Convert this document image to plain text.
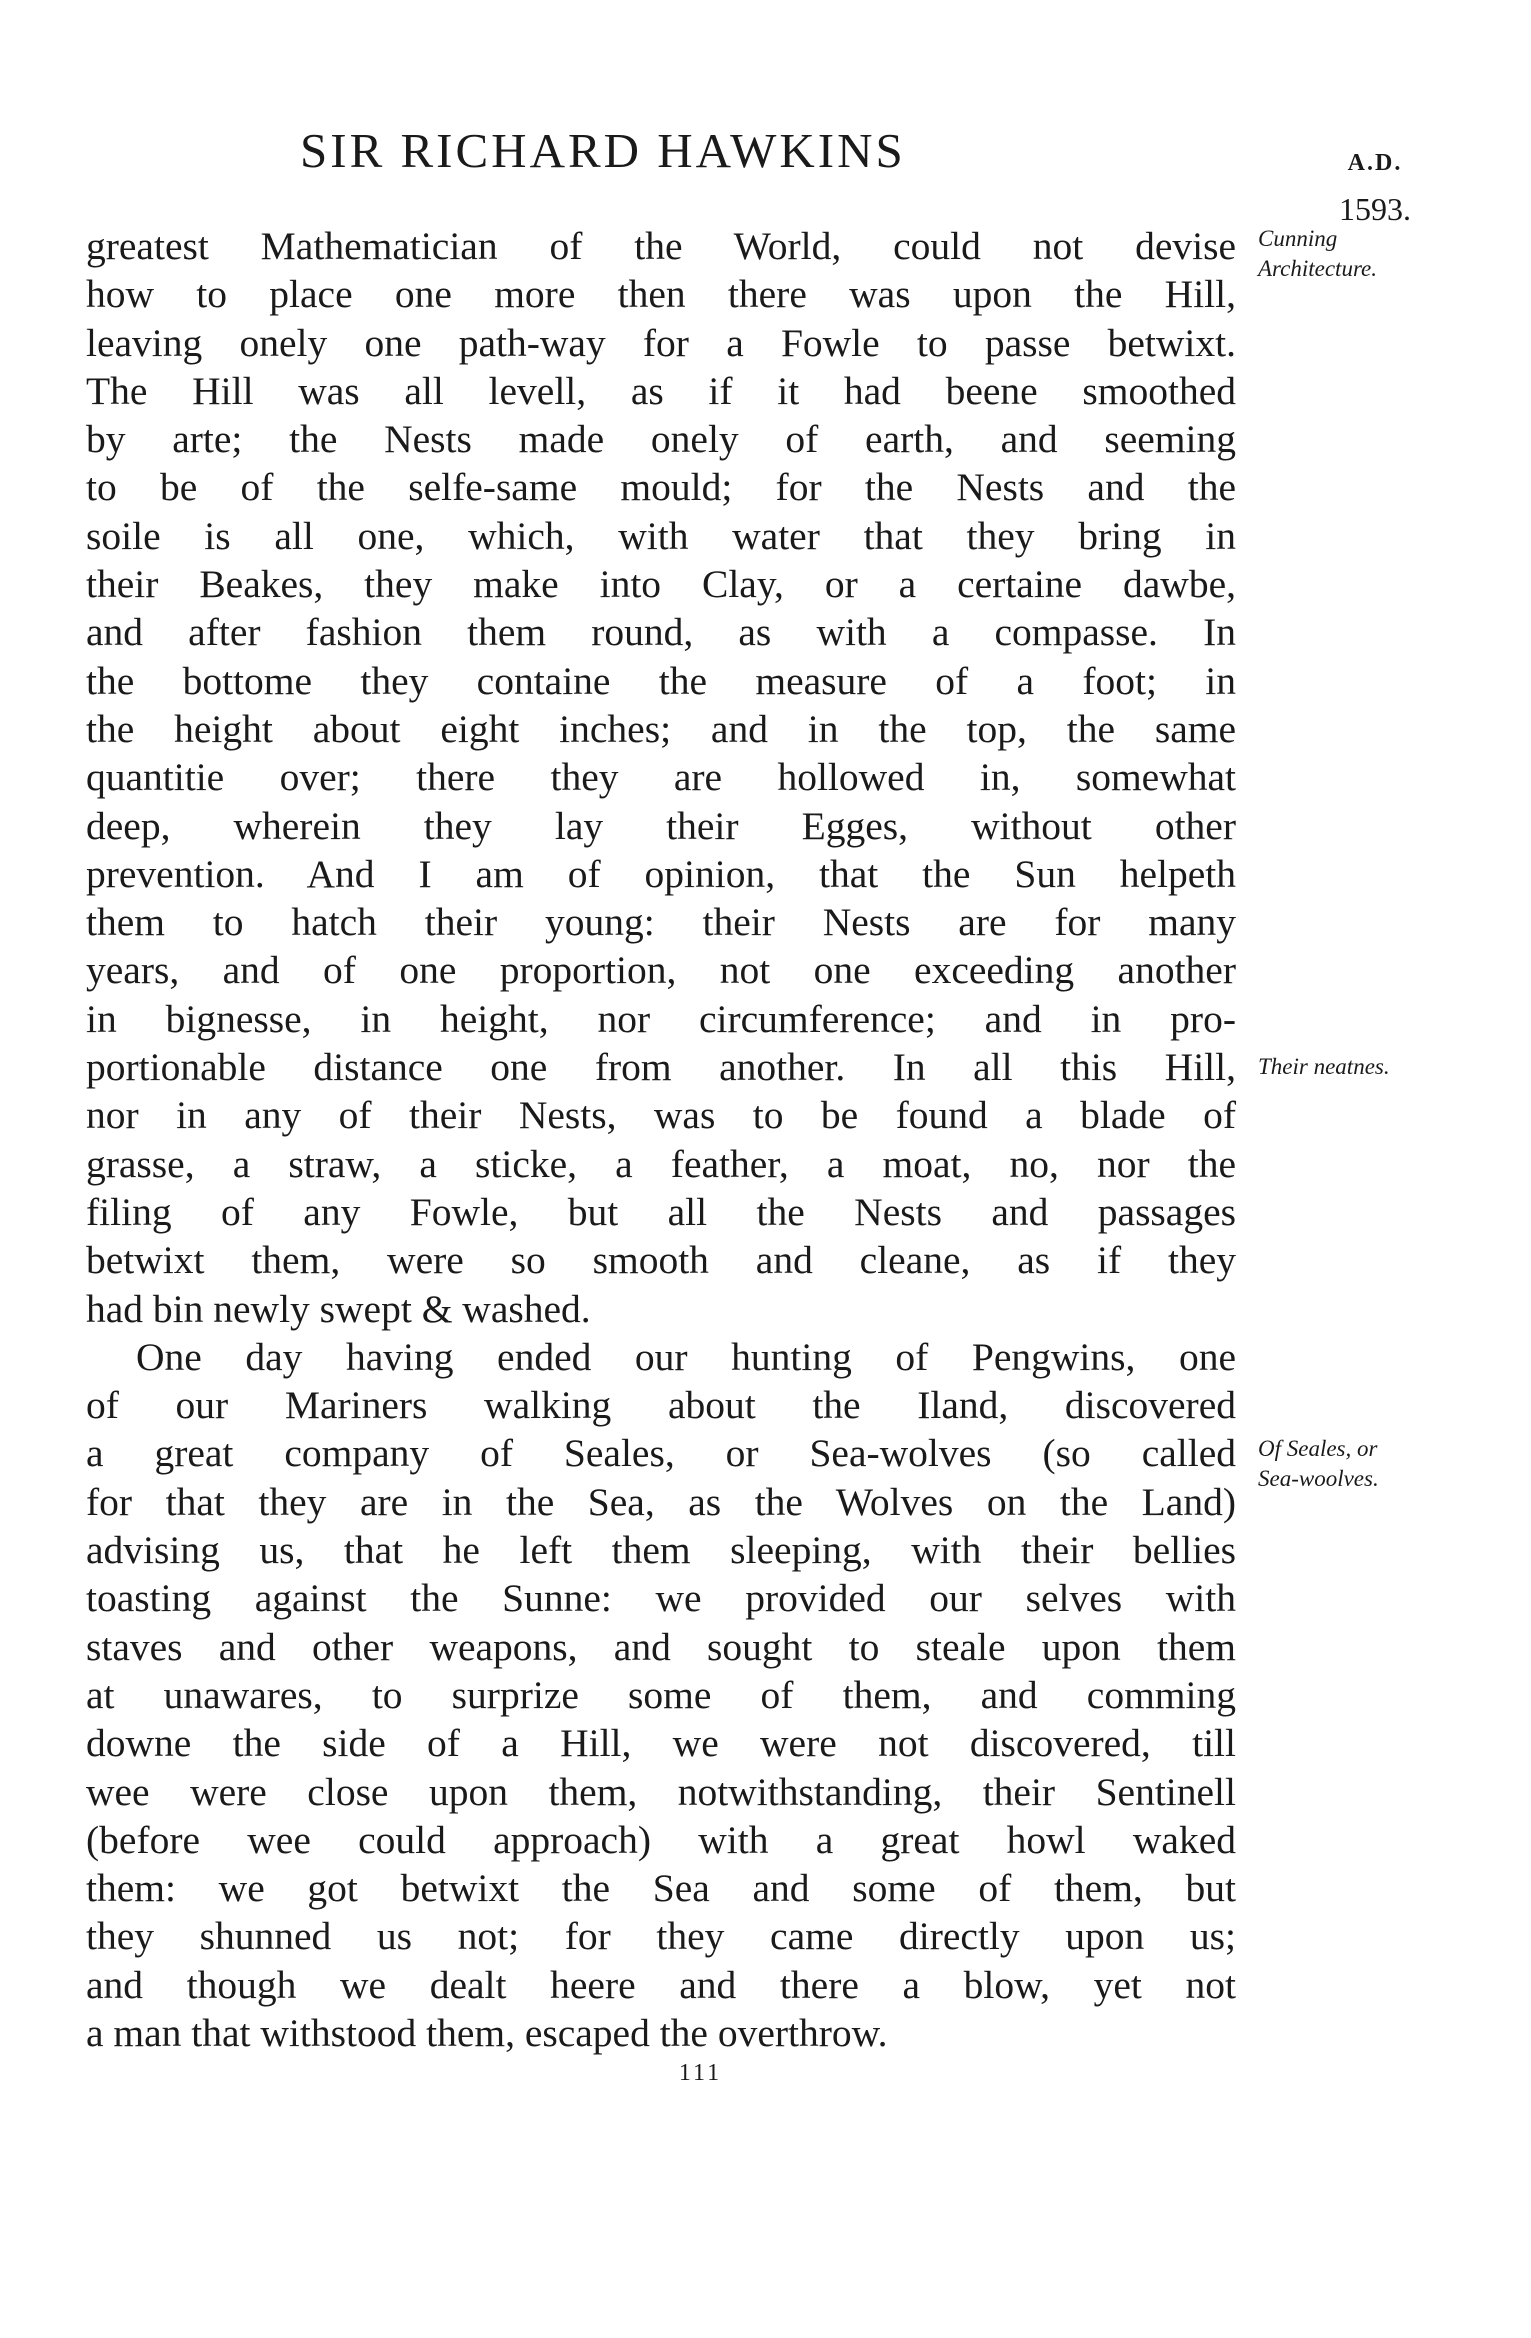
SIR RICHARD HAWKINS	A.D.
1593.
greatest Mathematician of the World, could not devise
how to place one more then there was upon the Hill,
leaving onely one path-way for a Fowle to passe betwixt.
The Hill was all levell, as if it had beene smoothed
by arte; the Nests made onely of earth, and seeming
to be of the selfe-same mould; for the Nests and the
soile is all one, which, with water that they bring in
their Beakes, they make into Clay, or a certaine dawbe,
and after fashion them round, as with a compasse. In
the bottome they containe the measure of a foot; in
the height about eight inches; and in the top, the same
quantitie over; there they are hollowed in, somewhat
deep, wherein they lay their Egges, without other
prevention. And I am of opinion, that the Sun helpeth
them to hatch their young: their Nests are for many
years, and of one proportion, not one exceeding another
in bignesse, in height, nor circumference; and in pro-
portionable distance one from another. In all this Hill,
nor in any of their Nests, was to be found a blade of
grasse, a straw, a sticke, a feather, a moat, no, nor the
filing of any Fowle, but all the Nests and passages
betwixt them, were so smooth and cleane, as if they
had bin newly swept & washed.
One day having ended our hunting of Pengwins, one
of our Mariners walking about the Iland, discovered
a great company of Seales, or Sea-wolves (so called
for that they are in the Sea, as the Wolves on the Land)
advising us, that he left them sleeping, with their bellies
toasting against the Sunne: we provided our selves with
staves and other weapons, and sought to steale upon them
at unawares, to surprize some of them, and comming
downe the side of a Hill, we were not discovered, till
wee were close upon them, notwithstanding, their Sentinell
(before wee could approach) with a great howl waked
them: we got betwixt the Sea and some of them, but
they shunned us not; for they came directly upon us;
and though we dealt heere and there a blow, yet not
a man that withstood them, escaped the overthrow.
Cunning
Architecture.
Their neatnes.
Of Seales, or
Sea-woolves.
111
